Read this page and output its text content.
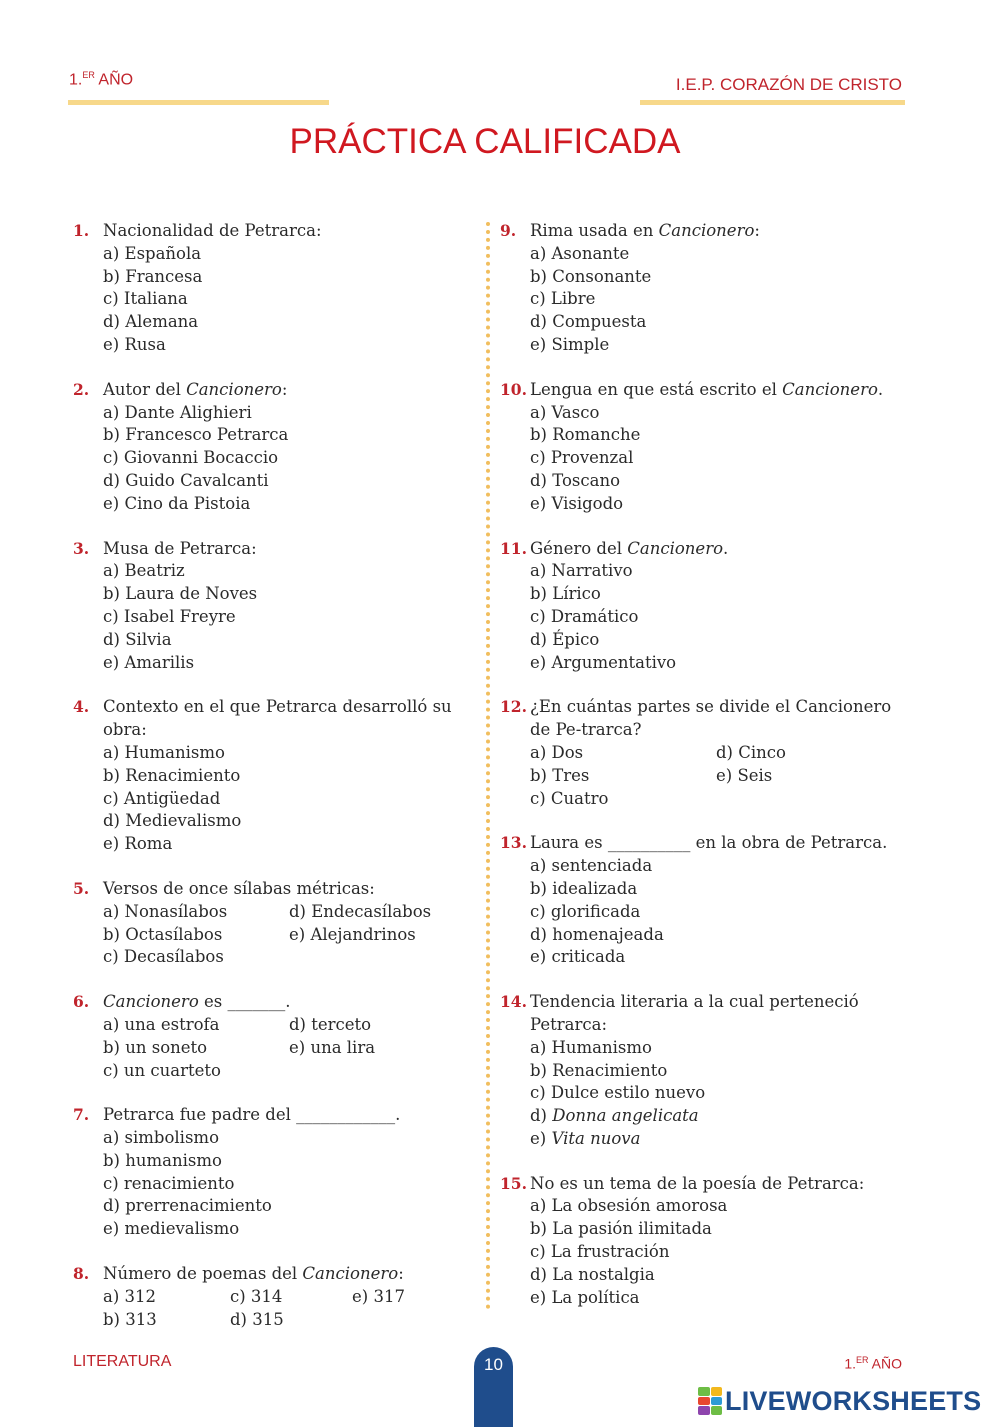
1.$^{ER}$ AÑO	I.E.P. CORAZÓN DE CRISTO
PRÁCTICA CALIFICADA
1. Nacionalidad de Petrarca:
a) Española
b) Francesa
c) Italiana
d) Alemana
e) Rusa
2. Autor del Cancionero:
a) Dante Alighieri
b) Francesco Petrarca
c) Giovanni Bocaccio
d) Guido Cavalcanti
e) Cino da Pistoia
3. Musa de Petrarca:
a) Beatriz
b) Laura de Noves
c) Isabel Freyre
d) Silvia
e) Amarilis
4. Contexto en el que Petrarca desarrolló su obra:
a) Humanismo
b) Renacimiento
c) Antigüedad
d) Medievalismo
e) Roma
5. Versos de once sílabas métricas:
a) Nonasílabos	d) Endecasílabos
b) Octasílabos	e) Alejandrinos
c) Decasílabos
6. Cancionero es _______.
a) una estrofa	d) terceto
b) un soneto	e) una lira
c) un cuarteto
7. Petrarca fue padre del ____________.
a) simbolismo
b) humanismo
c) renacimiento
d) prerrenacimiento
e) medievalismo
8. Número de poemas del Cancionero:
a) 312	c) 314	e) 317
b) 313	d) 315
9. Rima usada en Cancionero:
a) Asonante
b) Consonante
c) Libre
d) Compuesta
e) Simple
10. Lengua en que está escrito el Cancionero.
a) Vasco
b) Romanche
c) Provenzal
d) Toscano
e) Visigodo
11. Género del Cancionero.
a) Narrativo
b) Lírico
c) Dramático
d) Épico
e) Argumentativo
12. ¿En cuántas partes se divide el Cancionero de Pe-trarca?
a) Dos	d) Cinco
b) Tres	e) Seis
c) Cuatro
13. Laura es __________ en la obra de Petrarca.
a) sentenciada
b) idealizada
c) glorificada
d) homenajeada
e) criticada
14. Tendencia literaria a la cual perteneció Petrarca:
a) Humanismo
b) Renacimiento
c) Dulce estilo nuevo
d) Donna angelicata
e) Vita nuova
15. No es un tema de la poesía de Petrarca:
a) La obsesión amorosa
b) La pasión ilimitada
c) La frustración
d) La nostalgia
e) La política
LITERATURA	10	1.$^{ER}$ AÑO
LIVEWORKSHEETS
